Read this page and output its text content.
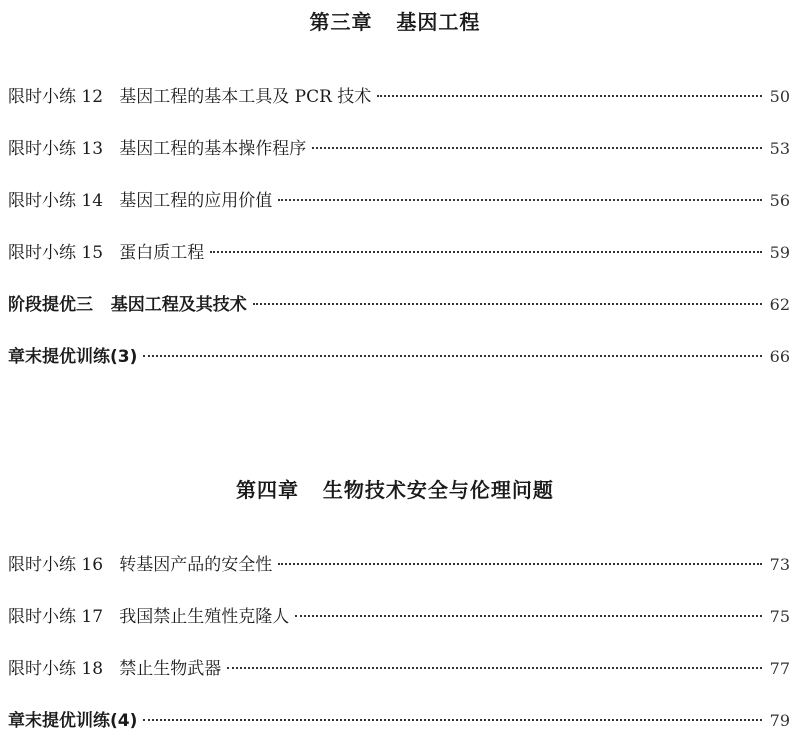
第三章   基因工程
限时小练 12   基因工程的基本工具及 PCR 技术	50
限时小练 13   基因工程的基本操作程序	53
限时小练 14   基因工程的应用价值	56
限时小练 15   蛋白质工程	59
阶段提优三   基因工程及其技术	62
章末提优训练(3)	66
第四章   生物技术安全与伦理问题
限时小练 16   转基因产品的安全性	73
限时小练 17   我国禁止生殖性克隆人	75
限时小练 18   禁止生物武器	77
章末提优训练(4)	79
